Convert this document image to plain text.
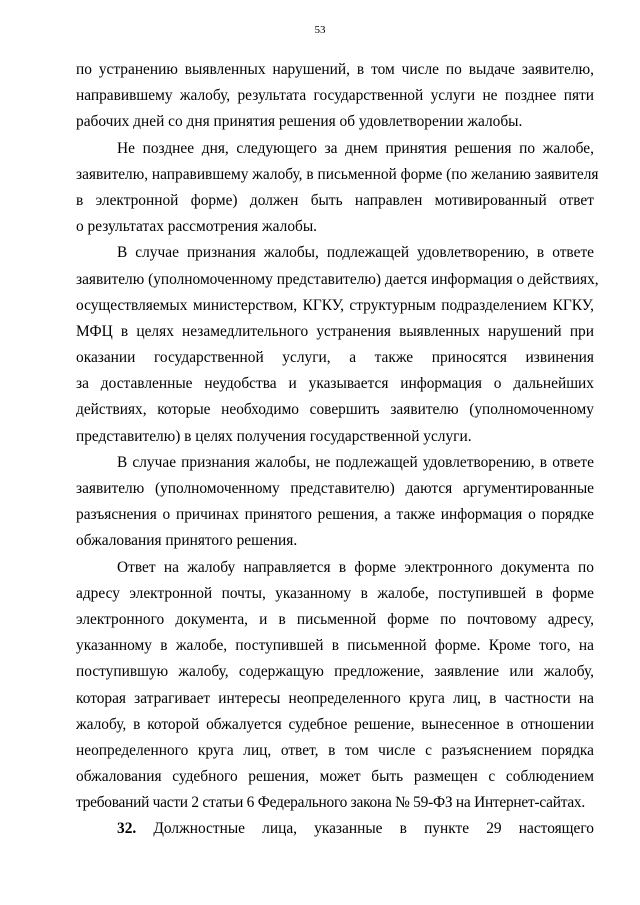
53
по устранению выявленных нарушений, в том числе по выдаче заявителю,
направившему жалобу, результата государственной услуги не позднее пяти
рабочих дней со дня принятия решения об удовлетворении жалобы.
Не позднее дня, следующего за днем принятия решения по жалобе,
заявителю, направившему жалобу, в письменной форме (по желанию заявителя
в электронной форме) должен быть направлен мотивированный ответ
о результатах рассмотрения жалобы.
В случае признания жалобы, подлежащей удовлетворению, в ответе
заявителю (уполномоченному представителю) дается информация о действиях,
осуществляемых министерством, КГКУ, структурным подразделением КГКУ,
МФЦ в целях незамедлительного устранения выявленных нарушений при
оказании государственной услуги, а также приносятся извинения
за доставленные неудобства и указывается информация о дальнейших
действиях, которые необходимо совершить заявителю (уполномоченному
представителю) в целях получения государственной услуги.
В случае признания жалобы, не подлежащей удовлетворению, в ответе
заявителю (уполномоченному представителю) даются аргументированные
разъяснения о причинах принятого решения, а также информация о порядке
обжалования принятого решения.
Ответ на жалобу направляется в форме электронного документа по
адресу электронной почты, указанному в жалобе, поступившей в форме
электронного документа, и в письменной форме по почтовому адресу,
указанному в жалобе, поступившей в письменной форме. Кроме того, на
поступившую жалобу, содержащую предложение, заявление или жалобу,
которая затрагивает интересы неопределенного круга лиц, в частности на
жалобу, в которой обжалуется судебное решение, вынесенное в отношении
неопределенного круга лиц, ответ, в том числе с разъяснением порядка
обжалования судебного решения, может быть размещен с соблюдением
требований части 2 статьи 6 Федерального закона № 59-ФЗ на Интернет-сайтах.
32. Должностные лица, указанные в пункте 29 настоящего
